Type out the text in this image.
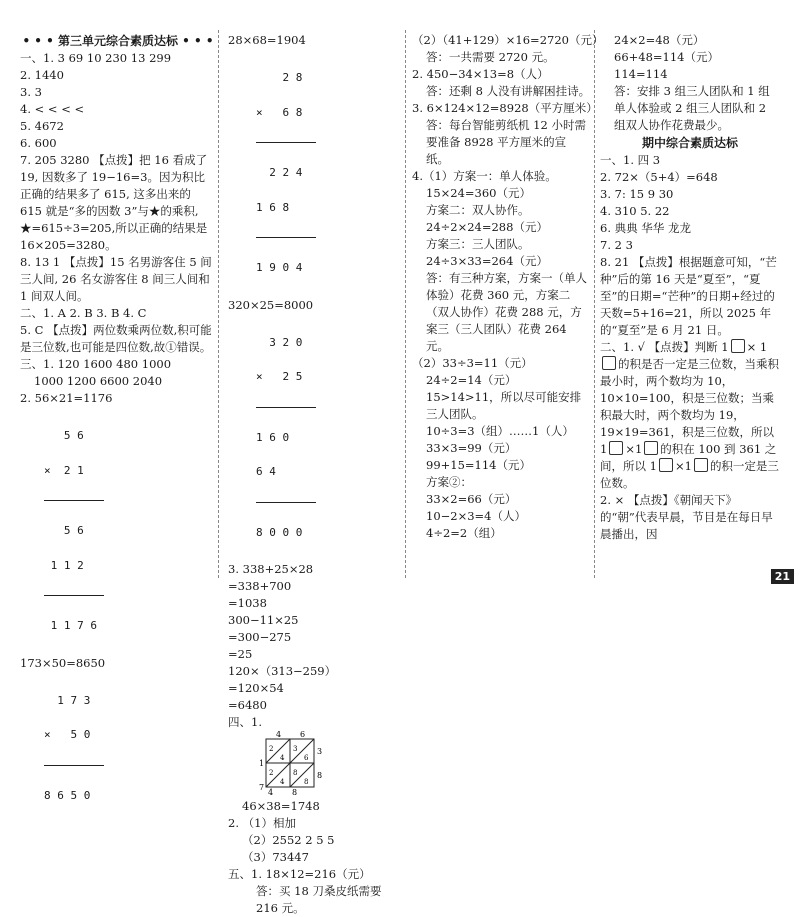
• • • 第三单元综合素质达标 • • •
一、1. 3 69 10 230 13 299
2. 1440
3. 3
4. < < < <
5. 4672
6. 600
7. 205 3280 【点拨】把 16 看成了 19, 因数多了 19−16=3。因为积比正确的结果多了 615, 这多出来的 615 就是“多的因数 3”与★的乘积, ★=615÷3=205,所以正确的结果是 16×205=3280。
8. 13 1 【点拨】15 名男游客住 5 间三人间, 26 名女游客住 8 间三人间和 1 间双人间。
二、1. A 2. B 3. B 4. C
5. C 【点拨】两位数乘两位数,积可能是三位数,也可能是四位数,故①错误。
三、1. 120 1600 480 1000
1000 1200 6600 2040
2. 56×21=1176

5 6

×  2 1

5 6

1 1 2

1 1 7 6

173×50=8650

1 7 3

×   5 0

8 6 5 0

28×68=1904

2 8

×   6 8

2 2 4

1 6 8

1 9 0 4

320×25=8000

3 2 0

×   2 5

1 6 0

6 4

8 0 0 0

3. 338+25×28
=338+700
=1038
300−11×25
=300−275
=25
120×（313−259）
=120×54
=6480
四、1.
4 6
3
8
1
7
4 8
2
4
3
6
2
4
8
8
46×38=1748
2. （1）相加
（2）2552 2 5 5
（3）73447
五、1. 18×12=216（元）
答：买 18 刀桑皮纸需要
216 元。
（2）（41+129）×16=2720（元）
答：一共需要 2720 元。
2. 450−34×13=8（人）
答：还剩 8 人没有讲解困挂诗。
3. 6×124×12=8928（平方厘米）
答：每台智能剪纸机 12 小时需要准备 8928 平方厘米的宣纸。
4.（1）方案一：单人体验。
15×24=360（元）
方案二：双人协作。
24÷2×24=288（元）
方案三：三人团队。
24÷3×33=264（元）
答：有三种方案，方案一（单人体验）花费 360 元，方案二（双人协作）花费 288 元，方案三（三人团队）花费 264 元。
（2）33÷3=11（元）
24÷2=14（元）
15>14>11，所以尽可能安排三人团队。
10÷3=3（组）……1（人）
33×3=99（元）
99+15=114（元）
方案②：
33×2=66（元）
10−2×3=4（人）
4÷2=2（组）
24×2=48（元）
66+48=114（元）
114=114
答：安排 3 组三人团队和 1 组单人体验或 2 组三人团队和 2 组双人协作花费最少。
期中综合素质达标
一、1. 四 3
2. 72×（5+4）=648
3. 7: 15 9 30
4. 310 5. 22
6. 典典 华华 龙龙
7. 2 3
8. 21 【点拨】根据题意可知，“芒种”后的第 16 天是“夏至”，“夏至”的日期=“芒种”的日期+经过的天数=5+16=21，所以 2025 年的“夏至”是 6 月 21 日。
二、1. √ 【点拨】判断 1 × 1的积是否一定是三位数，当乘积最小时，两个数均为 10，10×10=100，积是三位数；当乘积最大时，两个数均为 19，19×19=361，积是三位数，所以 1 ×1 的积在 100 到 361 之间，所以 1 ×1 的积一定是三位数。
2. × 【点拨】《朝闻天下》的“朝”代表早晨，节目是在每日早晨播出，因
21
